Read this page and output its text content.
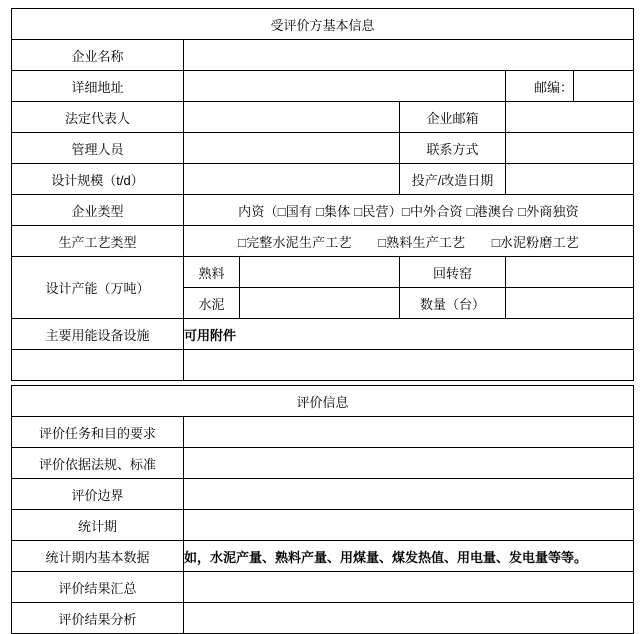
受评价方基本信息					
企业名称					
详细地址				邮编：	
法定代表人			企业邮箱		
管理人员			联系方式		
设计规模（t/d）			投产/改造日期		
企业类型	内资（□国有 □集体 □民营）□中外合资 □港澳台 □外商独资				
生产工艺类型	□完整水泥生产工艺　　□熟料生产工艺　　□水泥粉磨工艺				
设计产能（万吨）	熟料		回转窑		
	水泥		数量（台）		
主要用能设备设施	可用附件				

评价信息	
评价任务和目的要求	
评价依据法规、标准	
评价边界	
统计期	
统计期内基本数据	如，水泥产量、熟料产量、用煤量、煤发热值、用电量、发电量等等。
评价结果汇总	
评价结果分析	
